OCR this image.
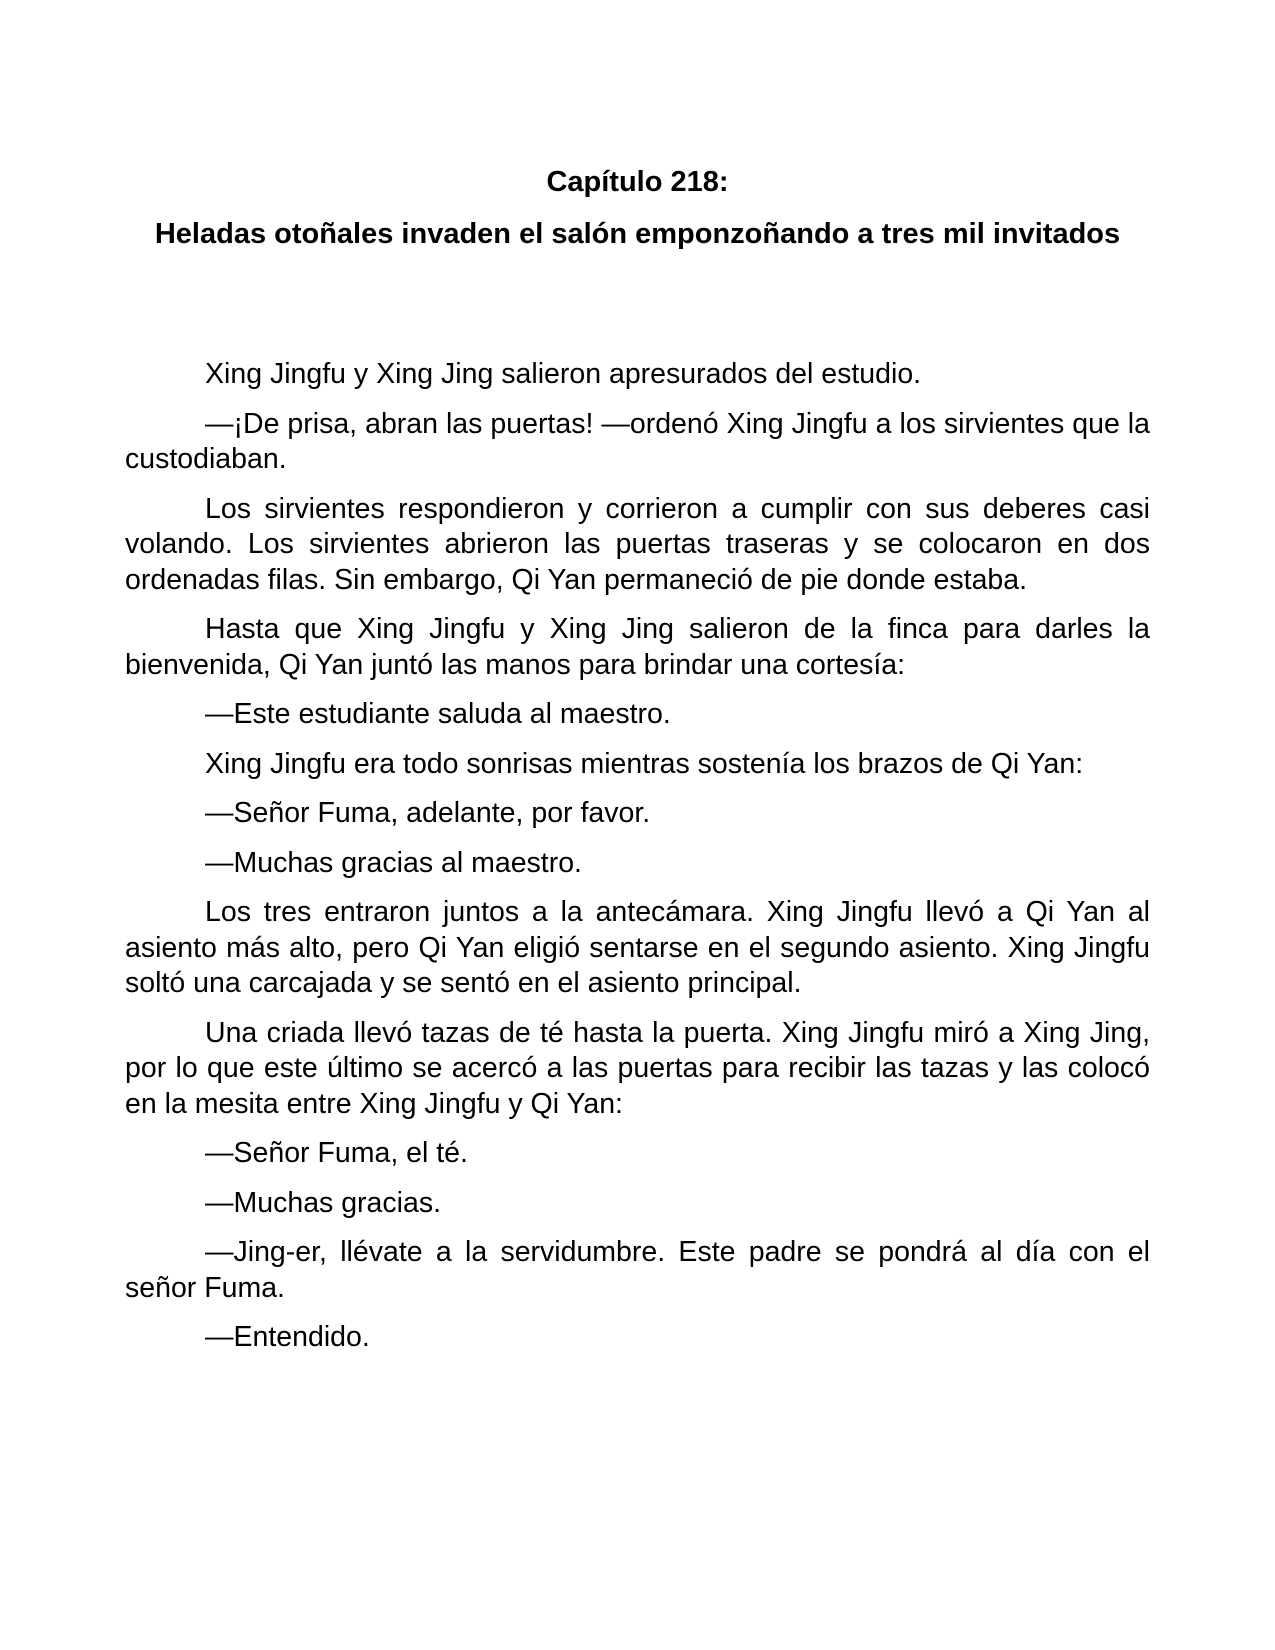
Capítulo 218:
Heladas otoñales invaden el salón emponzoñando a tres mil invitados

Xing Jingfu y Xing Jing salieron apresurados del estudio.

—¡De prisa, abran las puertas! —ordenó Xing Jingfu a los sirvientes que la custodiaban.

Los sirvientes respondieron y corrieron a cumplir con sus deberes casi volando. Los sirvientes abrieron las puertas traseras y se colocaron en dos ordenadas filas. Sin embargo, Qi Yan permaneció de pie donde estaba.

Hasta que Xing Jingfu y Xing Jing salieron de la finca para darles la bienvenida, Qi Yan juntó las manos para brindar una cortesía:

—Este estudiante saluda al maestro.

Xing Jingfu era todo sonrisas mientras sostenía los brazos de Qi Yan:

—Señor Fuma, adelante, por favor.

—Muchas gracias al maestro.

Los tres entraron juntos a la antecámara. Xing Jingfu llevó a Qi Yan al asiento más alto, pero Qi Yan eligió sentarse en el segundo asiento. Xing Jingfu soltó una carcajada y se sentó en el asiento principal.

Una criada llevó tazas de té hasta la puerta. Xing Jingfu miró a Xing Jing, por lo que este último se acercó a las puertas para recibir las tazas y las colocó en la mesita entre Xing Jingfu y Qi Yan:

—Señor Fuma, el té.

—Muchas gracias.

—Jing-er, llévate a la servidumbre. Este padre se pondrá al día con el señor Fuma.

—Entendido.
